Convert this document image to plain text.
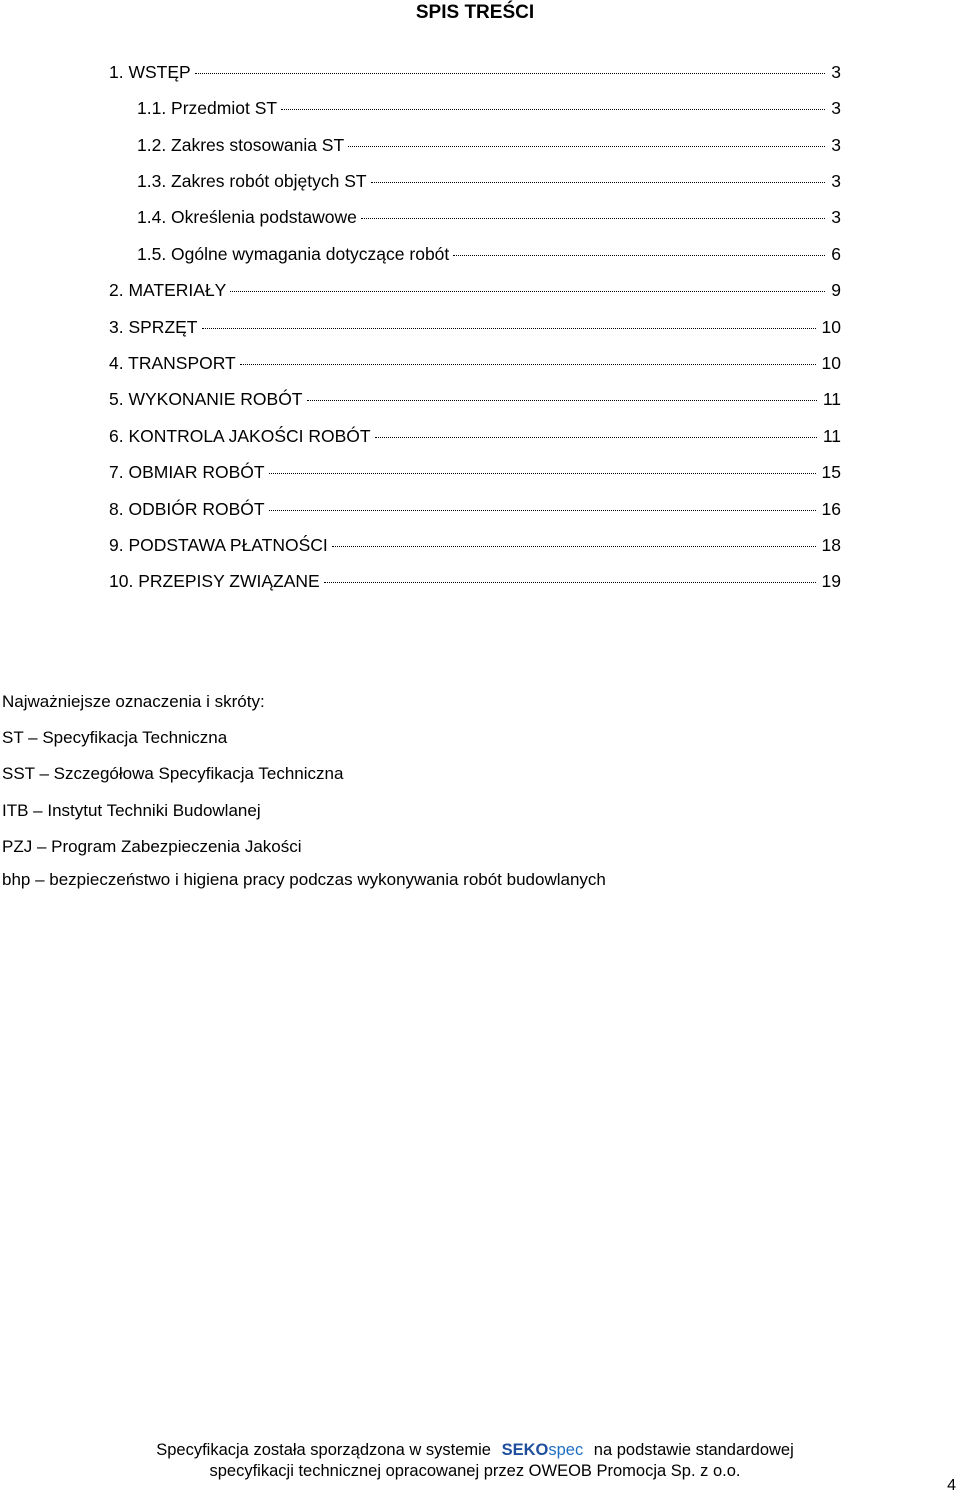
SPIS TREŚCI
1. WSTĘP	3
1.1. Przedmiot ST	3
1.2. Zakres stosowania ST	3
1.3. Zakres robót objętych ST	3
1.4. Określenia podstawowe	3
1.5. Ogólne wymagania dotyczące robót	6
2. MATERIAŁY	9
3. SPRZĘT	10
4. TRANSPORT	10
5. WYKONANIE ROBÓT	11
6. KONTROLA JAKOŚCI ROBÓT	11
7. OBMIAR ROBÓT	15
8. ODBIÓR ROBÓT	16
9. PODSTAWA PŁATNOŚCI	18
10. PRZEPISY ZWIĄZANE	19
Najważniejsze oznaczenia i skróty:
ST – Specyfikacja Techniczna
SST – Szczegółowa Specyfikacja Techniczna
ITB – Instytut Techniki Budowlanej
PZJ – Program Zabezpieczenia Jakości
bhp – bezpieczeństwo i higiena pracy podczas wykonywania robót budowlanych
Specyfikacja została sporządzona w systemie SEKOspec na podstawie standardowej
specyfikacji technicznej opracowanej przez OWEOB Promocja Sp. z o.o.
4
